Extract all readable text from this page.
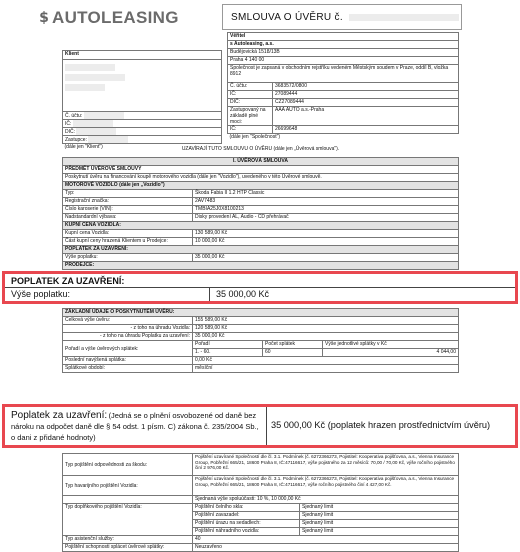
$ AUTOLEASING	SMLOUVA O ÚVĚRU č.
Klient

Č. účtu:
IČ:
DIČ:
Zastupce:
(dále jen "Klient")
Věřitel	
s Autoleasing, a.s.	
Budějovická 1518/13B	
Praha 4 140 00	
Společnost je zapsaná v obchodním rejstříku vedeném Městským soudem v Praze, oddíl B, vložka 8912	
Č. účtu:	3683572/0800
IČ:	27089444
DIČ:	CZ27089444
Zastupovaný na základě plné moci:	AAA AUTO a.s.-Praha
IČ:	26699648
(dále jen "Společnost")	
UZAVÍRAJÍ TUTO SMLOUVU O ÚVĚRU (dále jen „Úvěrová smlouva").
I. ÚVĚROVÁ SMLOUVA	
PŘEDMĚT ÚVĚROVÉ SMLOUVY	
Poskytnutí úvěru na financování koupě motorového vozidla (dále jen "Vozidlo"), uvedeného v této Úvěrové smlouvě.	
MOTOROVÉ VOZIDLO (dále jen „Vozidlo")	
Typ:	Škoda Fabia II 1.2 HTP Classic
Registrační značka:	2AV7483
Číslo karoserie (VIN):	TMBIA25J0X8100213
Nadstandardní výbava:	Disky provedení AL, Audio - CD přehrávač
KUPNÍ CENA VOZIDLA:	
Kupní cena Vozidla:	130 589,00 Kč
Část kupní ceny hrazená Klientem u Prodejce:	10 000,00 Kč
POPLATEK ZA UZAVŘENÍ:	
Výše poplatku:	35 000,00 Kč
PRODEJCE:	
POPLATEK ZA UZAVŘENÍ:
Výše poplatku:	35 000,00 Kč
ZÁKLADNÍ ÚDAJE O POSKYTNUTÉM ÚVĚRU:			
Celková výše úvěru:	155 589,00 Kč		
- z toho na úhradu Vozidla:	120 589,00 Kč		
- z toho na úhradu Poplatku za uzavření:	35 000,00 Kč		
Pořadí a výše úvěrových splátek:	Pořadí	Počet splátek	Výše jednotlivé splátky v Kč
	1. - 60.	60	4 044,00
Poslední navýšená splátka:	0,00 Kč		
Splátkové období:	měsíční		
Poplatek za uzavření: (Jedná se o plnění osvobozené od daně bez nároku na odpočet daně dle § 54 odst. 1 písm. C) zákona č. 235/2004 Sb., o dani z přidané hodnoty)
35 000,00 Kč (poplatek hrazen prostřednictvím úvěru)
Typ pojištění odpovědnosti za škodu:	Pojištění uzavírané Společností dle čl. 3.1. Podmínek (č. 6272366273, Pojistitel: Kooperativa pojišťovna, a.s., Vienna Insurance Group, Pobřežní 665/21, 18600 Praha 8, IČ:47116617, výše pojistného za 12 měsíců: 70,00 / 70,00 Kč, výše ročního pojistného činí 2 976,00 Kč.	
Typ havarijního pojištění Vozidla:	Pojištění uzavírané Společností dle čl. 3.1. Podmínek (č. 6272366273, Pojistitel: Kooperativa pojišťovna, a.s., Vienna Insurance Group, Pobřežní 665/21, 18600 Praha 8, IČ:47116617, výše ročního pojistného činí 4 427,00 Kč.	
	Sjednaná výše spoluúčasti: 10 %, 10 000,00 Kč	
Typ doplňkového pojištění Vozidla:	Pojištění čelního skla:	Sjednaný limit
	Pojištění zavazadel:	Sjednaný limit
	Pojištění úrazu na sedadlech:	Sjednaný limit
	Pojištění náhradního vozidla:	Sjednaný limit
Typ asistenční služby:	40	
Pojištění schopnosti splácet úvěrové splátky:	Neuzavřeno	
